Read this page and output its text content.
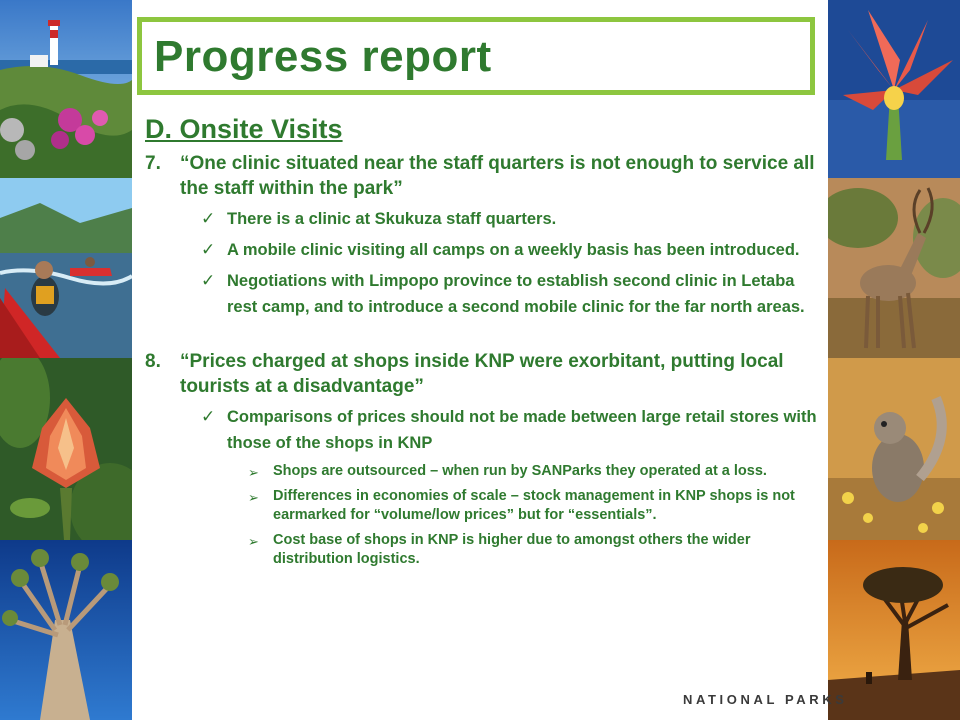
Progress report
D. Onsite Visits
7. “One clinic situated near the staff quarters is not enough to service all the staff within the park”
✓ There is a clinic at Skukuza staff quarters.
✓ A mobile clinic visiting all camps on a weekly basis has been introduced.
✓ Negotiations with Limpopo province to establish second clinic in Letaba rest camp, and to introduce a second mobile clinic for the far north areas.
8. “Prices charged at shops inside KNP were exorbitant, putting local tourists at a disadvantage”
✓ Comparisons of prices should not be made between large retail stores with those of the shops in KNP
➢ Shops are outsourced – when run by SANParks they operated at a loss.
➢ Differences in economies of scale – stock management in KNP shops is not earmarked for “volume/low prices” but for “essentials”.
➢ Cost base of shops in KNP is higher due to amongst others the wider distribution logistics.
NATIONAL PARKS
